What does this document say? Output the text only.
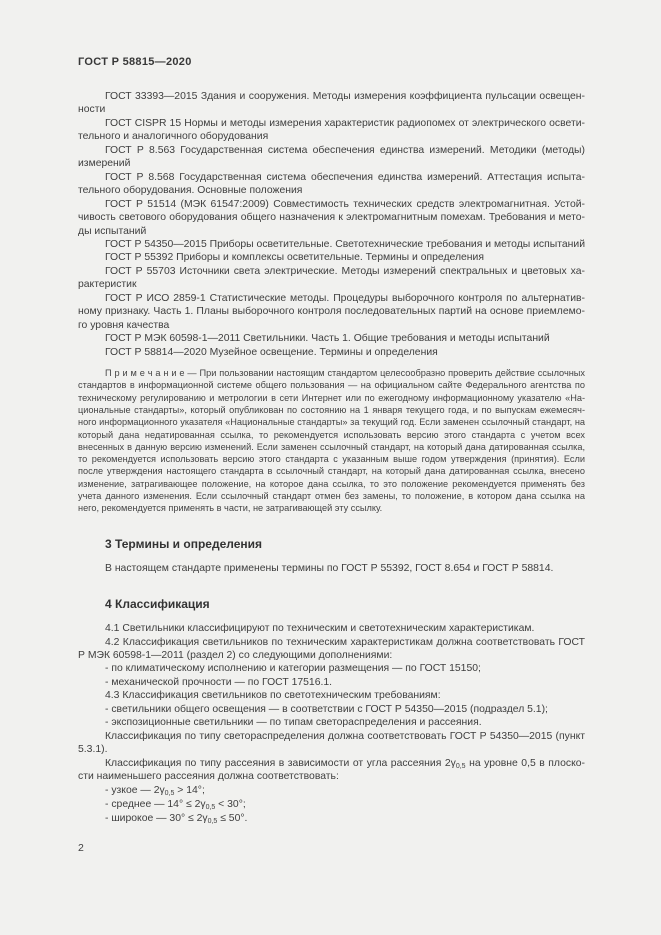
ГОСТ Р 58815—2020

ГОСТ 33393—2015 Здания и сооружения. Методы измерения коэффициента пульсации освещенности

ГОСТ CISPR 15 Нормы и методы измерения характеристик радиопомех от электрического осветительного и аналогичного оборудования

ГОСТ Р 8.563 Государственная система обеспечения единства измерений. Методики (методы) измерений

ГОСТ Р 8.568 Государственная система обеспечения единства измерений. Аттестация испытательного оборудования. Основные положения

ГОСТ Р 51514 (МЭК 61547:2009) Совместимость технических средств электромагнитная. Устойчивость светового оборудования общего назначения к электромагнитным помехам. Требования и методы испытаний

ГОСТ Р 54350—2015 Приборы осветительные. Светотехнические требования и методы испытаний

ГОСТ Р 55392 Приборы и комплексы осветительные. Термины и определения

ГОСТ Р 55703 Источники света электрические. Методы измерений спектральных и цветовых характеристик

ГОСТ Р ИСО 2859-1 Статистические методы. Процедуры выборочного контроля по альтернативному признаку. Часть 1. Планы выборочного контроля последовательных партий на основе приемлемого уровня качества

ГОСТ Р МЭК 60598-1—2011 Светильники. Часть 1. Общие требования и методы испытаний

ГОСТ Р 58814—2020 Музейное освещение. Термины и определения

П р и м е ч а н и е — При пользовании настоящим стандартом целесообразно проверить действие ссылочных стандартов в информационной системе общего пользования — на официальном сайте Федерального агентства по техническому регулированию и метрологии в сети Интернет или по ежегодному информационному указателю «Национальные стандарты», который опубликован по состоянию на 1 января текущего года, и по выпускам ежемесячного информационного указателя «Национальные стандарты» за текущий год. Если заменен ссылочный стандарт, на который дана недатированная ссылка, то рекомендуется использовать версию этого стандарта с учетом всех внесенных в данную версию изменений. Если заменен ссылочный стандарт, на который дана датированная ссылка, то рекомендуется использовать версию этого стандарта с указанным выше годом утверждения (принятия). Если после утверждения настоящего стандарта в ссылочный стандарт, на который дана датированная ссылка, внесено изменение, затрагивающее положение, на которое дана ссылка, то это положение рекомендуется применять без учета данного изменения. Если ссылочный стандарт отмен без замены, то положение, в котором дана ссылка на него, рекомендуется применять в части, не затрагивающей эту ссылку.

3 Термины и определения

В настоящем стандарте применены термины по ГОСТ Р 55392, ГОСТ 8.654 и ГОСТ Р 58814.

4 Классификация

4.1 Светильники классифицируют по техническим и светотехническим характеристикам.

4.2 Классификация светильников по техническим характеристикам должна соответствовать ГОСТ Р МЭК 60598-1—2011 (раздел 2) со следующими дополнениями:

- по климатическому исполнению и категории размещения — по ГОСТ 15150;

- механической прочности — по ГОСТ 17516.1.

4.3 Классификация светильников по светотехническим требованиям:

- светильники общего освещения — в соответствии с ГОСТ Р 54350—2015 (подраздел 5.1);

- экспозиционные светильники — по типам светораспределения и рассеяния.

Классификация по типу светораспределения должна соответствовать ГОСТ Р 54350—2015 (пункт 5.3.1).

Классификация по типу рассеяния в зависимости от угла рассеяния $2\gamma_{0,5}$ на уровне 0,5 в плоскости наименьшего рассеяния должна соответствовать:

- узкое — $2\gamma_{0,5} > 14^\circ$;

- среднее — $14^\circ \le 2\gamma_{0,5} < 30^\circ$;

- широкое — $30^\circ \le 2\gamma_{0,5} \le 50^\circ$.

2
